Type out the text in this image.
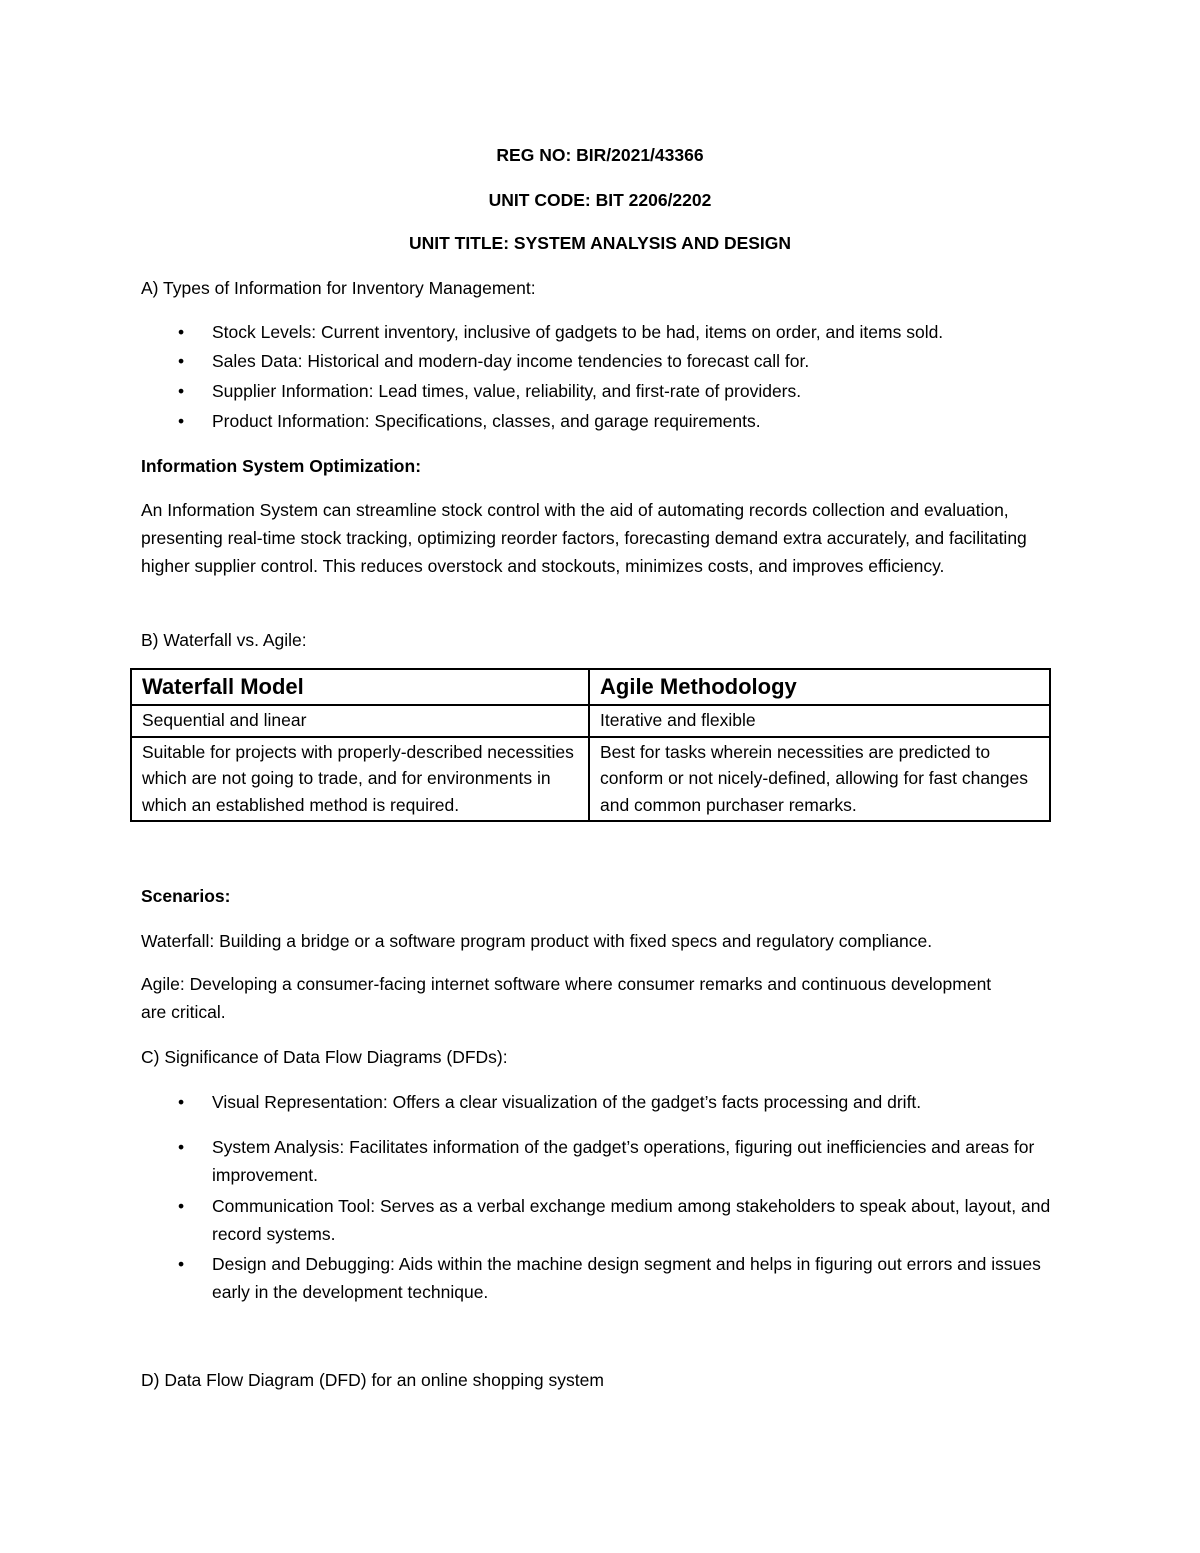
REG NO: BIR/2021/43366

UNIT CODE: BIT 2206/2202

UNIT TITLE: SYSTEM ANALYSIS AND DESIGN

A) Types of Information for Inventory Management:

• Stock Levels: Current inventory, inclusive of gadgets to be had, items on order, and items sold.

• Sales Data: Historical and modern-day income tendencies to forecast call for.

• Supplier Information: Lead times, value, reliability, and first-rate of providers.

• Product Information: Specifications, classes, and garage requirements.

Information System Optimization:

An Information System can streamline stock control with the aid of automating records collection and evaluation, presenting real-time stock tracking, optimizing reorder factors, forecasting demand extra accurately, and facilitating higher supplier control. This reduces overstock and stockouts, minimizes costs, and improves efficiency.

B) Waterfall vs. Agile:

Waterfall Model	Agile Methodology
Sequential and linear	Iterative and flexible
Suitable for projects with properly-described necessities which are not going to trade, and for environments in which an established method is required.	Best for tasks wherein necessities are predicted to conform or not nicely-defined, allowing for fast changes and common purchaser remarks.

Scenarios:

Waterfall: Building a bridge or a software program product with fixed specs and regulatory compliance.

Agile: Developing a consumer-facing internet software where consumer remarks and continuous development are critical.

C) Significance of Data Flow Diagrams (DFDs):

• Visual Representation: Offers a clear visualization of the gadget’s facts processing and drift.

• System Analysis: Facilitates information of the gadget’s operations, figuring out inefficiencies and areas for improvement.

• Communication Tool: Serves as a verbal exchange medium among stakeholders to speak about, layout, and record systems.

• Design and Debugging: Aids within the machine design segment and helps in figuring out errors and issues early in the development technique.

D) Data Flow Diagram (DFD) for an online shopping system
